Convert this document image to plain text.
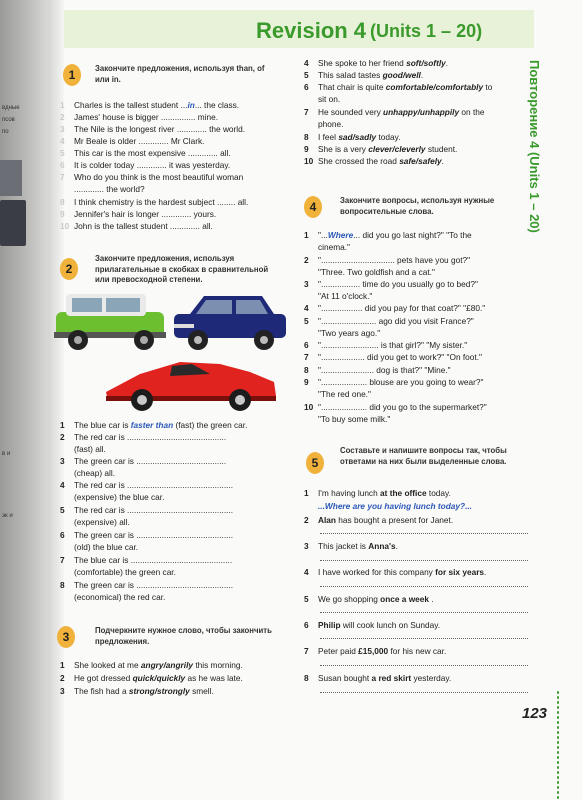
вдные
псов
по
в и
эк и
Revision 4 (Units 1 – 20)
Повторение 4 (Units 1 – 20)
1	Закончите предложения, используя than, of или in.
1 Charles is the tallest student ...in... the class.
2 James' house is bigger ............... mine.
3 The Nile is the longest river ............. the world.
4 Mr Beale is older ............. Mr Clark.
5 This car is the most expensive ............. all.
6 It is colder today ............. it was yesterday.
7 Who do you think is the most beautiful woman
............. the world?
8 I think chemistry is the hardest subject ........ all.
9 Jennifer's hair is longer ............. yours.
10 John is the tallest student ............. all.
2
Закончите предложения, используя прилагательные в скобках в сравнительной или превосходной степени.
1 The blue car is faster than (fast) the green car.
2 The red car is ...........................................
(fast) all.
3 The green car is .......................................
(cheap) all.
4 The red car is ..............................................
(expensive) the blue car.
5 The red car is ..............................................
(expensive) all.
6 The green car is ..........................................
(old) the blue car.
7 The blue car is ............................................
(comfortable) the green car.
8 The green car is ..........................................
(economical) the red car.
3	Подчеркните нужное слово, чтобы закончить предложения.
1 She looked at me angry/angrily this morning.
2 He got dressed quick/quickly as he was late.
3 The fish had a strong/strongly smell.
4 She spoke to her friend soft/softly.
5 This salad tastes good/well.
6 That chair is quite comfortable/comfortably to
sit on.
7 He sounded very unhappy/unhappily on the
phone.
8 I feel sad/sadly today.
9 She is a very clever/cleverly student.
10 She crossed the road safe/safely.
4	Закончите вопросы, используя нужные вопросительные слова.
1 "...Where... did you go last night?" "To the
cinema."
2 "................................ pets have you got?"
"Three. Two goldfish and a cat."
3 "................. time do you usually go to bed?"
"At 11 o'clock."
4 ".................. did you pay for that coat?" "£80."
5 "........................ ago did you visit France?"
"Two years ago."
6 "......................... is that girl?" "My sister."
7 "................... did you get to work?" "On foot."
8 "....................... dog is that?" "Mine."
9 ".................... blouse are you going to wear?"
"The red one."
10 ".................... did you go to the supermarket?"
"To buy some milk."
5
Составьте и напишите вопросы так, чтобы ответами на них были выделенные слова.
1 I'm having lunch at the office today.
...Where are you having lunch today?...
2 Alan has bought a present for Janet.
3 This jacket is Anna's.
4 I have worked for this company for six years.
5 We go shopping once a week .
6 Philip will cook lunch on Sunday.
7 Peter paid £15,000 for his new car.
8 Susan bought a red skirt yesterday.
123
